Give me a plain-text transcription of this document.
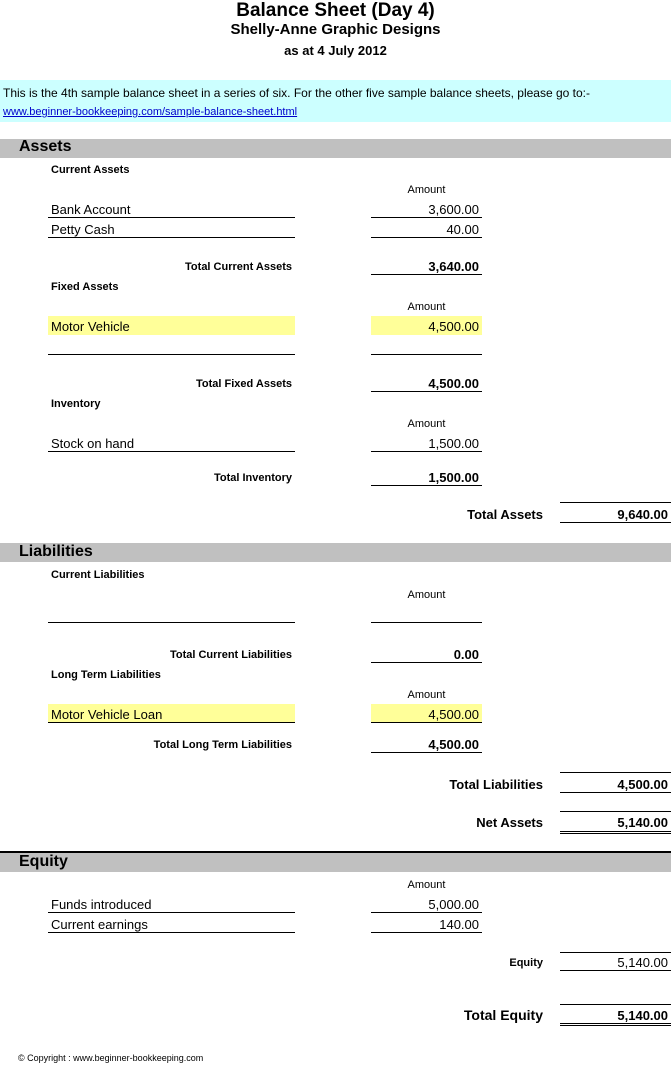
Balance Sheet (Day 4)
Shelly-Anne Graphic Designs
as at 4 July 2012
This is the 4th sample balance sheet in a series of six. For the other five sample balance sheets, please go to:-
www.beginner-bookkeeping.com/sample-balance-sheet.html
Assets
Current Assets
Amount
Bank Account	3,600.00
Petty Cash	40.00
Total Current Assets	3,640.00
Fixed Assets
Amount
Motor Vehicle	4,500.00
Total Fixed Assets	4,500.00
Inventory
Amount
Stock on hand	1,500.00
Total Inventory	1,500.00
Total Assets	9,640.00
Liabilities
Current Liabilities
Amount
Total Current Liabilities	0.00
Long Term Liabilities
Amount
Motor Vehicle Loan	4,500.00
Total Long Term Liabilities	4,500.00
Total Liabilities	4,500.00
Net Assets	5,140.00
Equity
Amount
Funds introduced	5,000.00
Current earnings	140.00
Equity	5,140.00
Total Equity	5,140.00
© Copyright : www.beginner-bookkeeping.com
